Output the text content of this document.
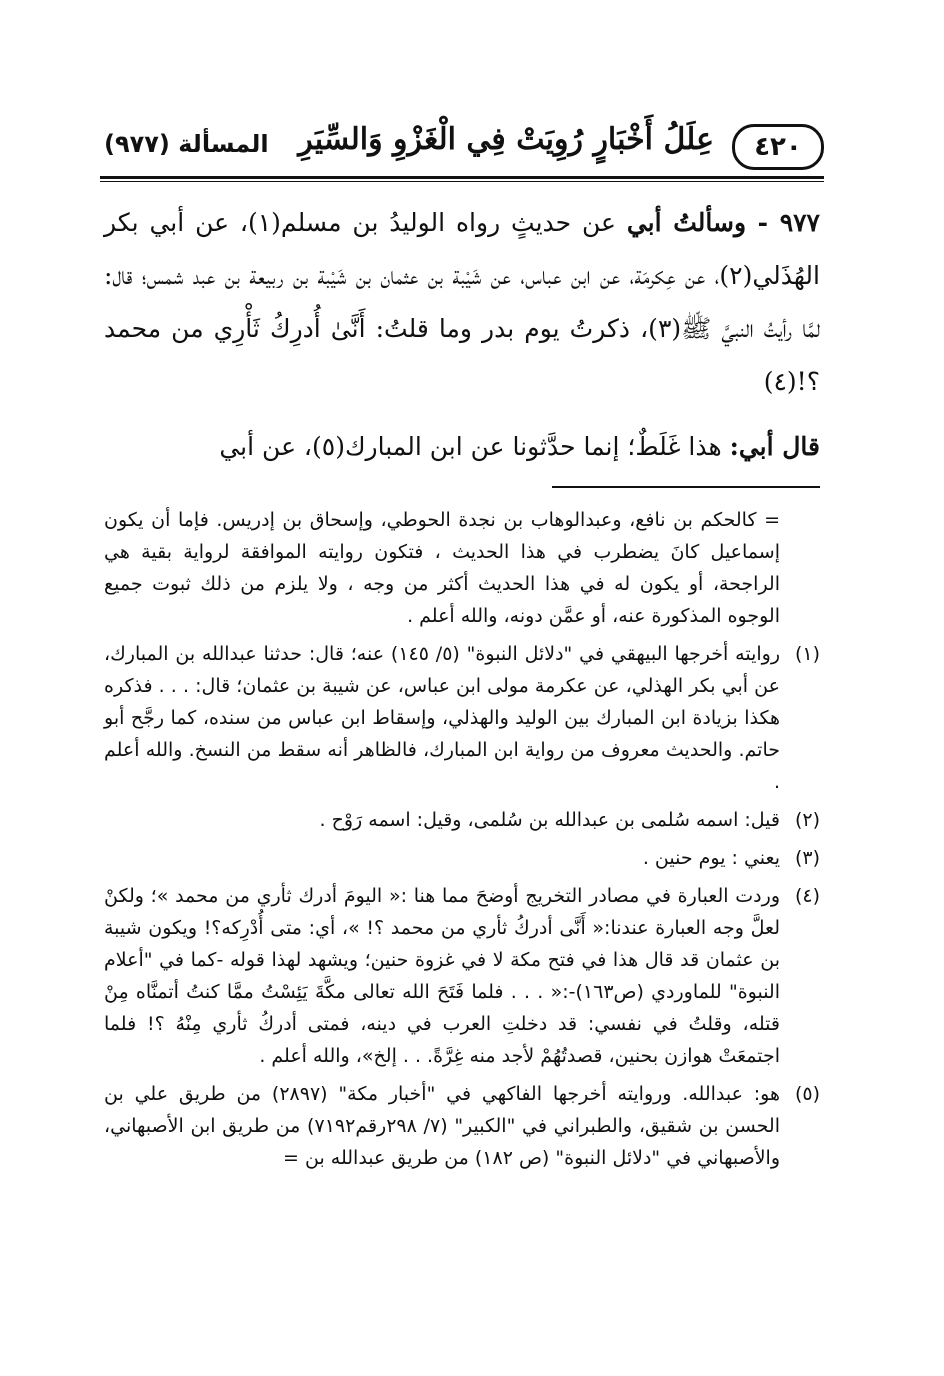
٤٢٠
عِلَلُ أَخْبَارٍ رُوِيَتْ فِي الْغَزْوِ وَالسِّيَرِ
المسألة (٩٧٧)

٩٧٧ - وسألتُ أبي عن حديثٍ رواه الوليدُ بن مسلم(١)، عن أبي بكر الهُذَلي(٢)، عن عِكرمَة، عن ابن عباس، عن شَيْبة بن عثمان بن شَيْبة بن ربيعة بن عبد شمس؛ قال: لمَّا رأيتُ النبيَّ ﷺ(٣)، ذكرتُ يوم بدر وما قلتُ: أَنَّىٰ أُدرِكُ ثَأْرِي من محمد ؟!(٤)

قال أبي: هذا غَلَطٌ؛ إنما حدَّثونا عن ابن المبارك(٥)، عن أبي

= كالحكم بن نافع، وعبدالوهاب بن نجدة الحوطي، وإسحاق بن إدريس. فإما أن يكون إسماعيل كانَ يضطرب في هذا الحديث ، فتكون روايته الموافقة لرواية بقية هي الراجحة، أو يكون له في هذا الحديث أكثر من وجه ، ولا يلزم من ذلك ثبوت جميع الوجوه المذكورة عنه، أو عمَّن دونه، والله أعلم .

(١)
روايته أخرجها البيهقي في "دلائل النبوة" (٥/ ١٤٥) عنه؛ قال: حدثنا عبدالله بن المبارك، عن أبي بكر الهذلي، عن عكرمة مولى ابن عباس، عن شيبة بن عثمان؛ قال: . . . فذكره هكذا بزيادة ابن المبارك بين الوليد والهذلي، وإسقاط ابن عباس من سنده، كما رجَّح أبو حاتم. والحديث معروف من رواية ابن المبارك، فالظاهر أنه سقط من النسخ. والله أعلم .

(٢)
قيل: اسمه سُلمى بن عبدالله بن سُلمى، وقيل: اسمه رَوْح .

(٣)
يعني : يوم حنين .

(٤)
وردت العبارة في مصادر التخريج أوضحَ مما هنا :« اليومَ أدرك ثأري من محمد »؛ ولكنْ لعلَّ وجه العبارة عندنا:« أَنَّى أدركُ ثأري من محمد ؟! »، أي: متى أُدْرِكه؟! ويكون شيبة بن عثمان قد قال هذا في فتح مكة لا في غزوة حنين؛ ويشهد لهذا قوله -كما في "أعلام النبوة" للماوردي (ص١٦٣)-:« . . . فلما فَتَحَ الله تعالى مكَّةَ يَئِسْتُ ممَّا كنتُ أتمنَّاه مِنْ قتله، وقلتُ في نفسي: قد دخلتِ العرب في دينه، فمتى أدركُ ثأري مِنْهُ ؟! فلما اجتمعَتْ هوازن بحنين، قصدتُهُمْ لأجد منه غِرَّةً. . . إلخ»، والله أعلم .

(٥)
هو: عبدالله. وروايته أخرجها الفاكهي في "أخبار مكة" (٢٨٩٧) من طريق علي بن الحسن بن شقيق، والطبراني في "الكبير" (٧/ ٢٩٨رقم٧١٩٢) من طريق ابن الأصبهاني، والأصبهاني في "دلائل النبوة" (ص ١٨٢) من طريق عبدالله بن =
